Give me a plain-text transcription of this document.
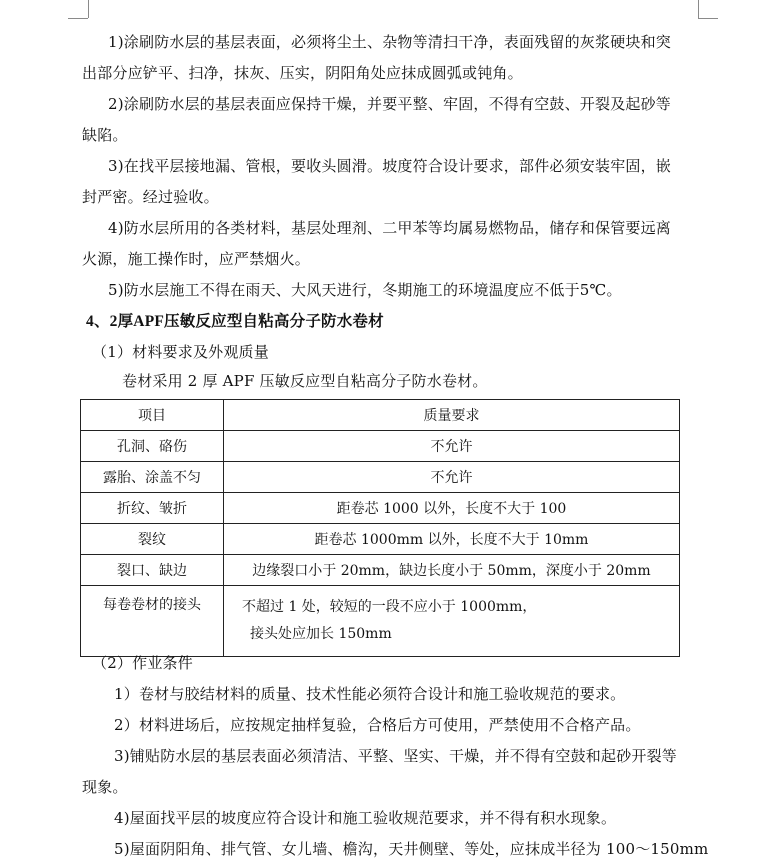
1)涂刷防水层的基层表面，必须将尘土、杂物等清扫干净，表面残留的灰浆硬块和突
出部分应铲平、扫净，抹灰、压实，阴阳角处应抹成圆弧或钝角。
2)涂刷防水层的基层表面应保持干燥，并要平整、牢固，不得有空鼓、开裂及起砂等
缺陷。
3)在找平层接地漏、管根，要收头圆滑。坡度符合设计要求，部件必须安装牢固，嵌
封严密。经过验收。
4)防水层所用的各类材料，基层处理剂、二甲苯等均属易燃物品，储存和保管要远离
火源，施工操作时，应严禁烟火。
5)防水层施工不得在雨天、大风天进行，冬期施工的环境温度应不低于5℃。
4、2厚APF压敏反应型自粘高分子防水卷材
（1）材料要求及外观质量
卷材采用 2 厚 APF 压敏反应型自粘高分子防水卷材。
项目	质量要求
孔洞、硌伤	不允许
露胎、涂盖不匀	不允许
折纹、皱折	距卷芯 1000 以外，长度不大于 100
裂纹	距卷芯 1000mm 以外，长度不大于 10mm
裂口、缺边	边缘裂口小于 20mm，缺边长度小于 50mm，深度小于 20mm
每卷卷材的接头	不超过 1 处，较短的一段不应小于 1000mm，

接头处应加长 150mm
（2）作业条件
1）卷材与胶结材料的质量、技术性能必须符合设计和施工验收规范的要求。
2）材料进场后，应按规定抽样复验，合格后方可使用，严禁使用不合格产品。
3)铺贴防水层的基层表面必须清洁、平整、坚实、干燥，并不得有空鼓和起砂开裂等
现象。
4)屋面找平层的坡度应符合设计和施工验收规范要求，并不得有积水现象。
5)屋面阴阳角、排气管、女儿墙、檐沟，天井侧壁、等处，应抹成半径为 100～150mm
